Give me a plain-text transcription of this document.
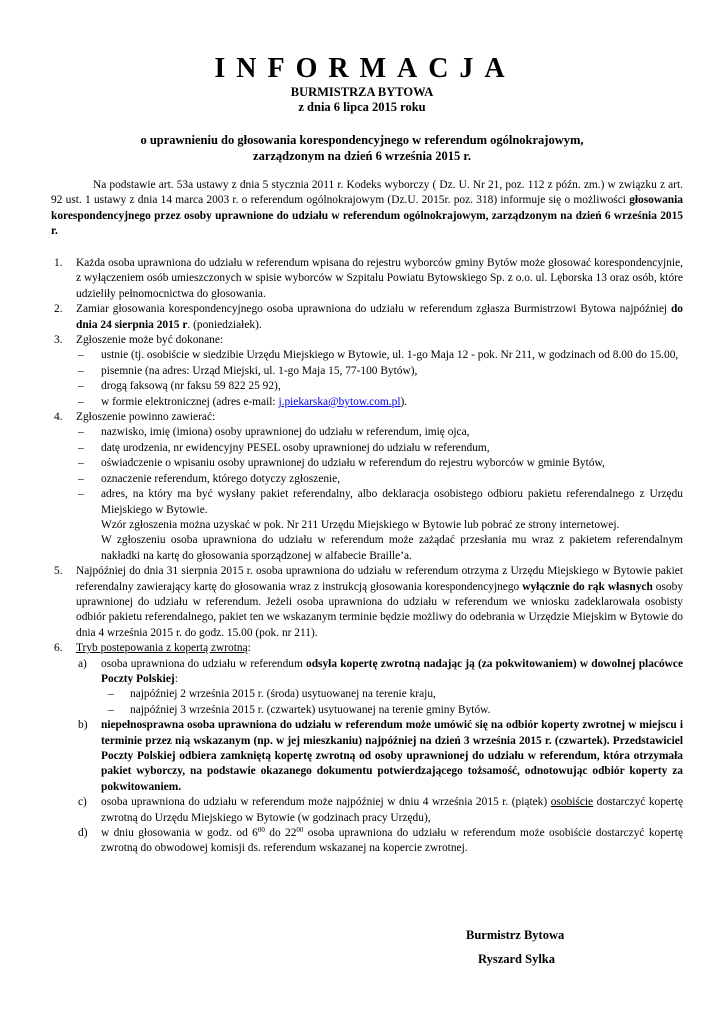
INFORMACJA
BURMISTRZA BYTOWA
z dnia 6 lipca 2015 roku
o uprawnieniu do głosowania korespondencyjnego w referendum ogólnokrajowym,
zarządzonym na dzień 6 września 2015 r.
Na podstawie art. 53a ustawy z dnia 5 stycznia 2011 r. Kodeks wyborczy ( Dz. U. Nr 21, poz. 112 z późn. zm.) w związku z art. 92 ust. 1 ustawy z dnia 14 marca 2003 r. o referendum ogólnokrajowym (Dz.U. 2015r. poz. 318) informuje się o możliwości głosowania korespondencyjnego przez osoby uprawnione do udziału w referendum ogólnokrajowym, zarządzonym na dzień 6 września 2015 r.
1. Każda osoba uprawniona do udziału w referendum wpisana do rejestru wyborców gminy Bytów może głosować korespondencyjnie, z wyłączeniem osób umieszczonych w spisie wyborców w Szpitalu Powiatu Bytowskiego Sp. z o.o. ul. Lęborska 13 oraz osób, które udzieliły pełnomocnictwa do głosowania.
2. Zamiar głosowania korespondencyjnego osoba uprawniona do udziału w referendum zgłasza Burmistrzowi Bytowa najpóźniej do dnia 24 sierpnia 2015 r. (poniedziałek).
3. Zgłoszenie może być dokonane:
– ustnie (tj. osobiście w siedzibie Urzędu Miejskiego w Bytowie, ul. 1-go Maja 12 - pok. Nr 211, w godzinach od 8.00 do 15.00,
– pisemnie (na adres: Urząd Miejski, ul. 1-go Maja 15, 77-100 Bytów),
– drogą faksową (nr faksu 59 822 25 92),
– w formie elektronicznej (adres e-mail: j.piekarska@bytow.com.pl).
4. Zgłoszenie powinno zawierać:
– nazwisko, imię (imiona) osoby uprawnionej do udziału w referendum, imię ojca,
– datę urodzenia, nr ewidencyjny PESEL osoby uprawnionej do udziału w referendum,
– oświadczenie o wpisaniu osoby uprawnionej do udziału w referendum do rejestru wyborców w gminie Bytów,
– oznaczenie referendum, którego dotyczy zgłoszenie,
– adres, na który ma być wysłany pakiet referendalny, albo deklaracja osobistego odbioru pakietu referendalnego z Urzędu Miejskiego w Bytowie.
Wzór zgłoszenia można uzyskać w pok. Nr 211 Urzędu Miejskiego w Bytowie lub pobrać ze strony internetowej.
W zgłoszeniu osoba uprawniona do udziału w referendum może zażądać przesłania mu wraz z pakietem referendalnym nakładki na kartę do głosowania sporządzonej w alfabecie Braille’a.
5. Najpóźniej do dnia 31 sierpnia 2015 r. osoba uprawniona do udziału w referendum otrzyma z Urzędu Miejskiego w Bytowie pakiet referendalny zawierający kartę do głosowania wraz z instrukcją głosowania korespondencyjnego wyłącznie do rąk własnych osoby uprawnionej do udziału w referendum. Jeżeli osoba uprawniona do udziału w referendum we wniosku zadeklarowała osobisty odbiór pakietu referendalnego, pakiet ten we wskazanym terminie będzie możliwy do odebrania w Urzędzie Miejskim w Bytowie do dnia 4 września 2015 r. do godz. 15.00 (pok. nr 211).
6. Tryb postepowania z kopertą zwrotną:
a) osoba uprawniona do udziału w referendum odsyła kopertę zwrotną nadając ją (za pokwitowaniem) w dowolnej placówce Poczty Polskiej:
– najpóźniej 2 września 2015 r. (środa) usytuowanej na terenie kraju,
– najpóźniej 3 września 2015 r. (czwartek) usytuowanej na terenie gminy Bytów.
b) niepełnosprawna osoba uprawniona do udziału w referendum może umówić się na odbiór koperty zwrotnej w miejscu i terminie przez nią wskazanym (np. w jej mieszkaniu) najpóźniej na dzień 3 września 2015 r. (czwartek). Przedstawiciel Poczty Polskiej odbiera zamkniętą kopertę zwrotną od osoby uprawnionej do udziału w referendum, która otrzymała pakiet wyborczy, na podstawie okazanego dokumentu potwierdzającego tożsamość, odnotowując odbiór koperty za pokwitowaniem.
c) osoba uprawniona do udziału w referendum może najpóźniej w dniu 4 września 2015 r. (piątek) osobiście dostarczyć kopertę zwrotną do Urzędu Miejskiego w Bytowie (w godzinach pracy Urzędu),
d) w dniu głosowania w godz. od $6^{00}$ do $22^{00}$ osoba uprawniona do udziału w referendum może osobiście dostarczyć kopertę zwrotną do obwodowej komisji ds. referendum wskazanej na kopercie zwrotnej.
Burmistrz Bytowa
Ryszard Sylka
